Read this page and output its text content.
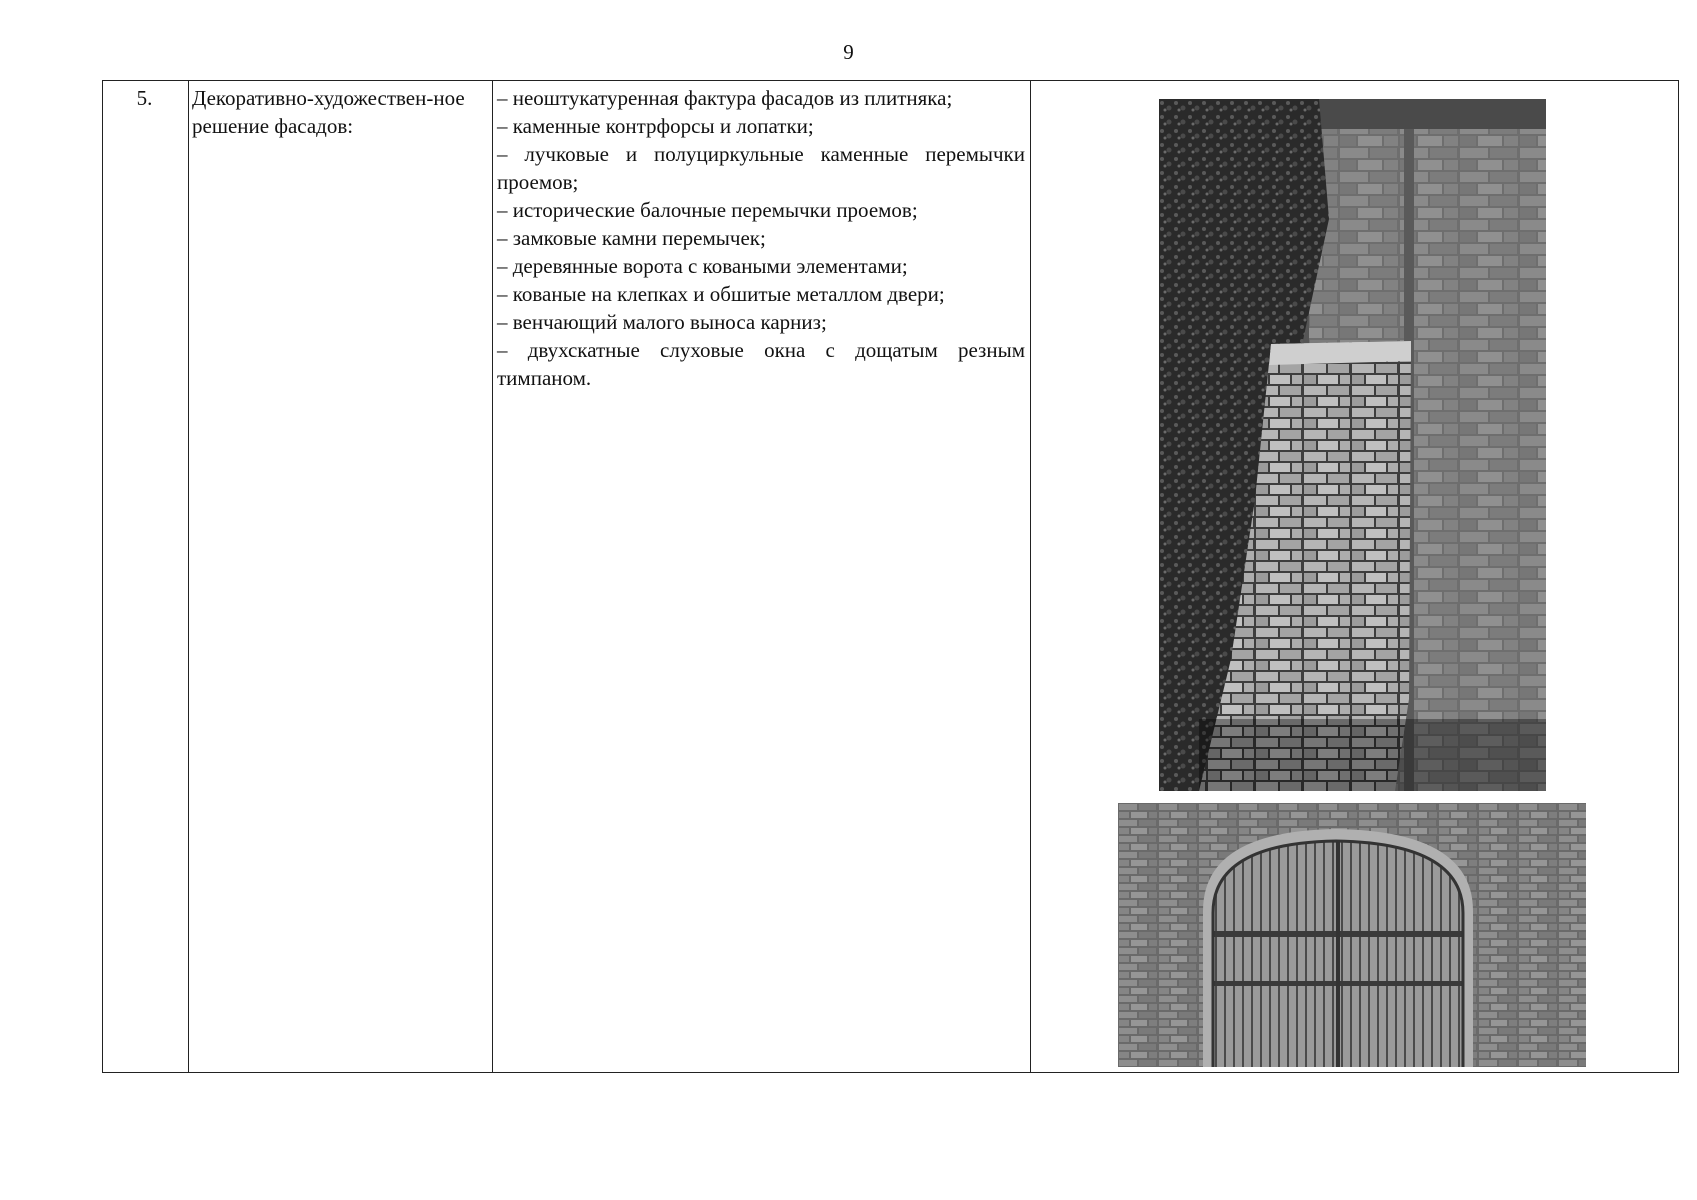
9
5.	Декоративно-художествен-ное решение фасадов:
– неоштукатуренная фактура фасадов из плитняка;
– каменные контрфорсы и лопатки;
– лучковые и полуциркульные каменные перемычки проемов;
– исторические балочные перемычки проемов;
– замковые камни перемычек;
– деревянные ворота с коваными элементами;
– кованые на клепках и обшитые металлом двери;
– венчающий малого выноса карниз;
– двухскатные слуховые окна с дощатым резным тимпаном.
